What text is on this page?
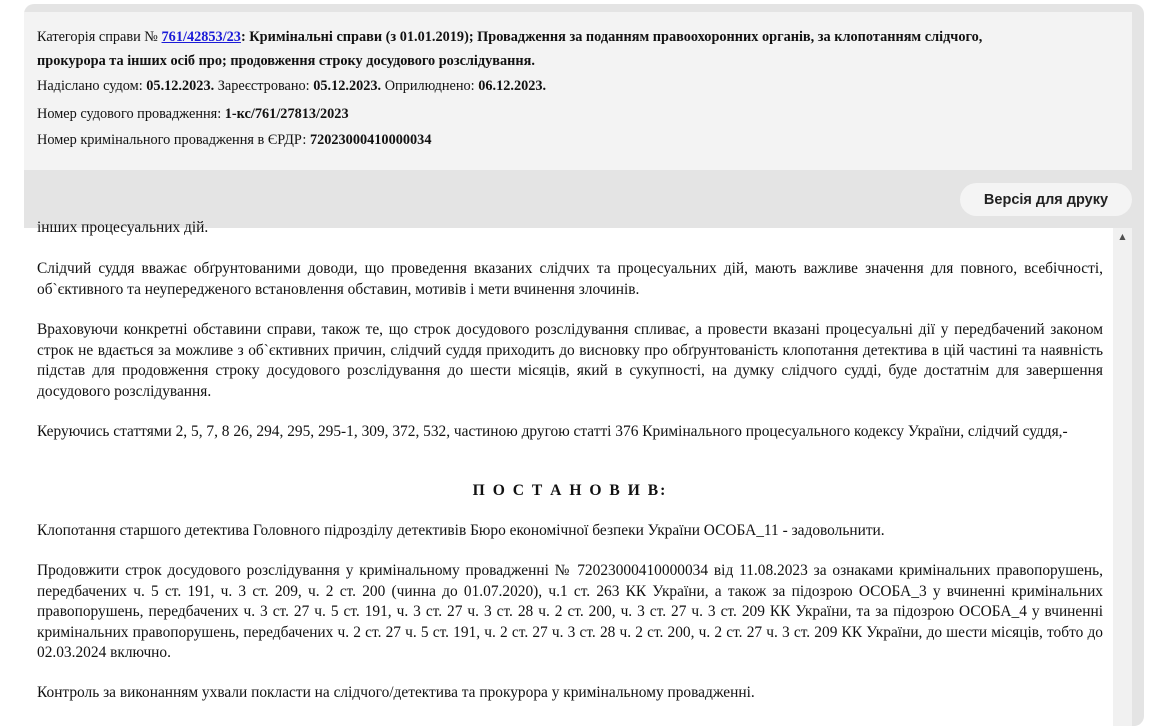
Категорія справи № 761/42853/23: Кримінальні справи (з 01.01.2019); Провадження за поданням правоохоронних органів, за клопотанням слідчого,
прокурора та інших осіб про; продовження строку досудового розслідування.
Надіслано судом: 05.12.2023. Зареєстровано: 05.12.2023. Оприлюднено: 06.12.2023.
Номер судового провадження: 1-кс/761/27813/2023
Номер кримінального провадження в ЄРДР: 72023000410000034
Версія для друку
інших процесуальних дій.

Слідчий суддя вважає обґрунтованими доводи, що проведення вказаних слідчих та процесуальних дій, мають важливе значення для повного, всебічності, об`єктивного та неупередженого встановлення обставин, мотивів і мети вчинення злочинів.

Враховуючи конкретні обставини справи, також те, що строк досудового розслідування спливає, а провести вказані процесуальні дії у передбачений законом строк не вдається за можливе з об`єктивних причин, слідчий суддя приходить до висновку про обґрунтованість клопотання детектива в цій частині та наявність підстав для продовження строку досудового розслідування до шести місяців, який в сукупності, на думку слідчого судді, буде достатнім для завершення досудового розслідування.

Керуючись статтями 2, 5, 7, 8 26, 294, 295, 295-1, 309, 372, 532, частиною другою статті 376 Кримінального процесуального кодексу України, слідчий суддя,-

П О С Т А Н О В И В:

Клопотання старшого детектива Головного підрозділу детективів Бюро економічної безпеки України ОСОБА_11 - задовольнити.

Продовжити строк досудового розслідування у кримінальному провадженні № 72023000410000034 від 11.08.2023 за ознаками кримінальних правопорушень, передбачених ч. 5 ст. 191, ч. 3 ст. 209, ч. 2 ст. 200 (чинна до 01.07.2020), ч.1 ст. 263 КК України, а також за підозрою ОСОБА_3 у вчиненні кримінальних правопорушень, передбачених ч. 3 ст. 27 ч. 5 ст. 191, ч. 3 ст. 27 ч. 3 ст. 28 ч. 2 ст. 200, ч. 3 ст. 27 ч. 3 ст. 209 КК України, та за підозрою ОСОБА_4 у вчиненні кримінальних правопорушень, передбачених ч. 2 ст. 27 ч. 5 ст. 191, ч. 2 ст. 27 ч. 3 ст. 28 ч. 2 ст. 200, ч. 2 ст. 27 ч. 3 ст. 209 КК України, до шести місяців, тобто до 02.03.2024 включно.

Контроль за виконанням ухвали покласти на слідчого/детектива та прокурора у кримінальному провадженні.

▲
